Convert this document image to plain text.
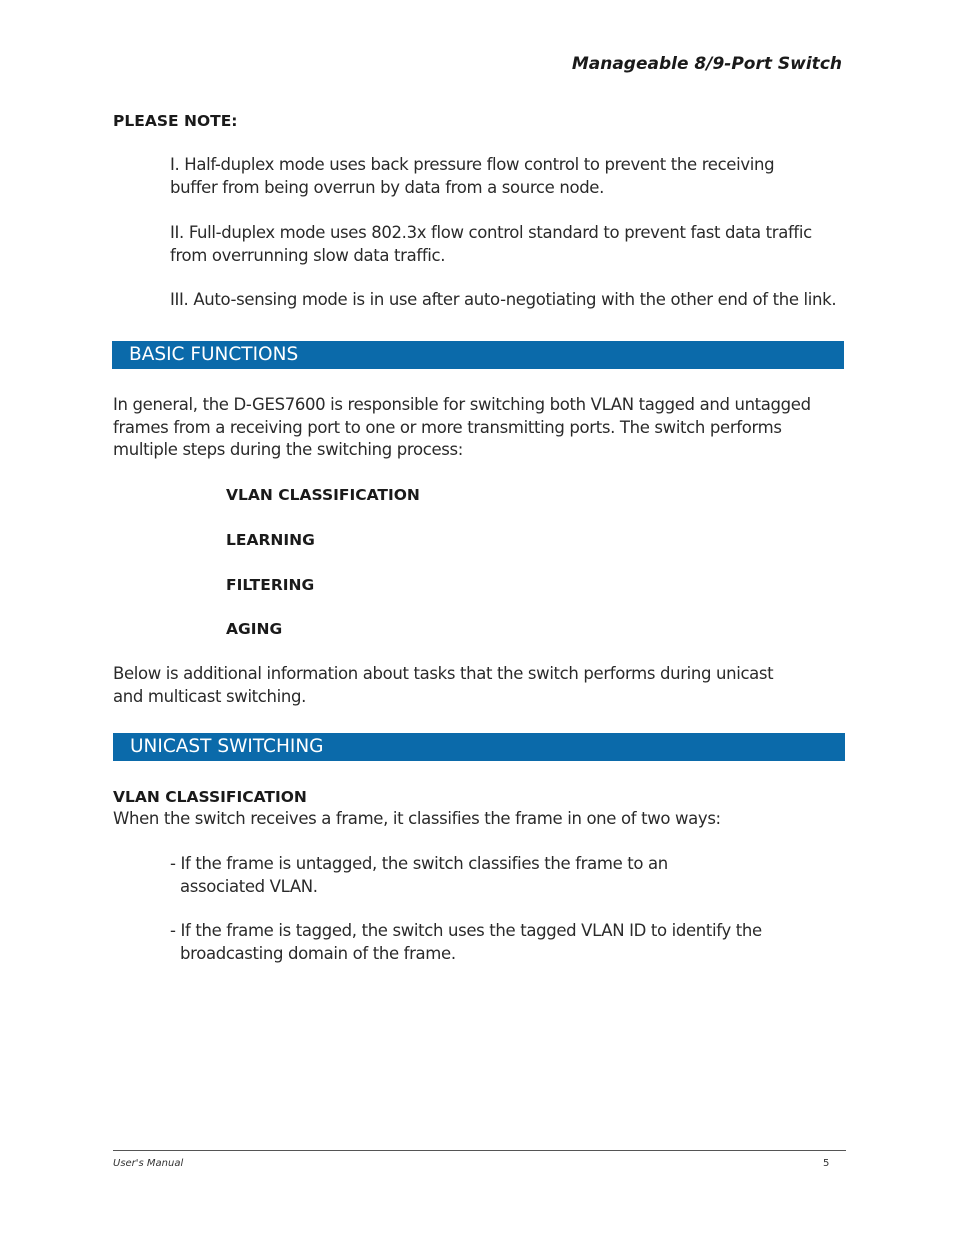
Manageable 8/9-Port Switch
PLEASE NOTE:
I. Half-duplex mode uses back pressure flow control to prevent the receiving
buffer from being overrun by data from a source node.
II. Full-duplex mode uses 802.3x flow control standard to prevent fast data traffic
from overrunning slow data traffic.
III. Auto-sensing mode is in use after auto-negotiating with the other end of the link.
BASIC FUNCTIONS
In general, the D-GES7600 is responsible for switching both VLAN tagged and untagged
frames from a receiving port to one or more transmitting ports. The switch performs
multiple steps during the switching process:
VLAN CLASSIFICATION
LEARNING
FILTERING
AGING
Below is additional information about tasks that the switch performs during unicast
and multicast switching.
UNICAST SWITCHING
VLAN CLASSIFICATION
When the switch receives a frame, it classifies the frame in one of two ways:
- If the frame is untagged, the switch classifies the frame to an
associated VLAN.
- If the frame is tagged, the switch uses the tagged VLAN ID to identify the
broadcasting domain of the frame.
User's Manual	5
